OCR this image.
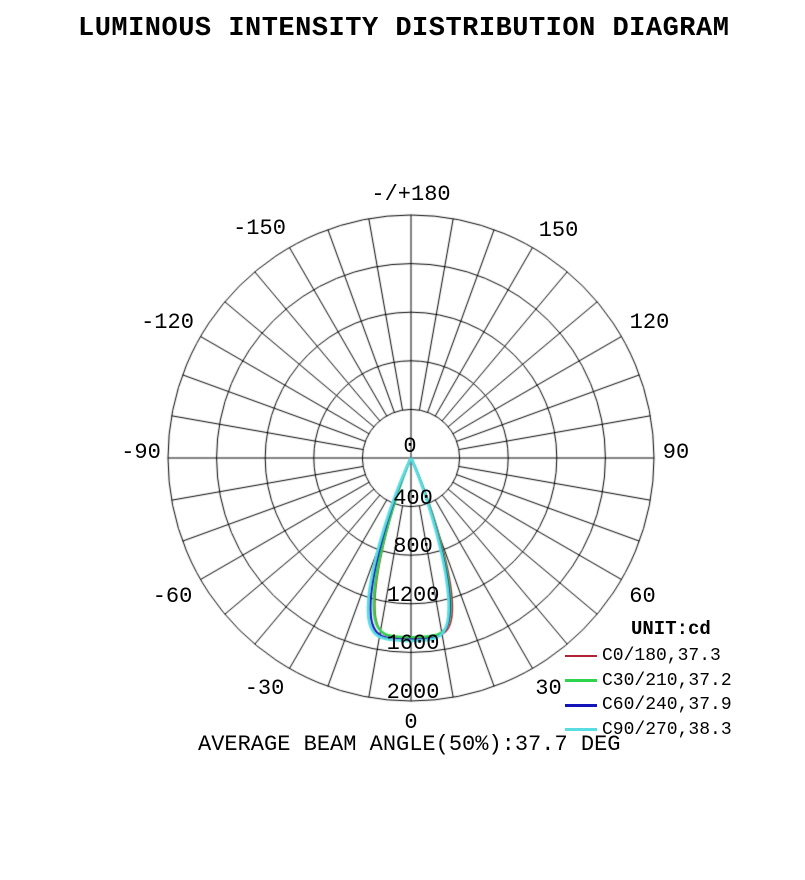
-/+180
150
120
90
60
30
0
-30
-60
-90
-120
-150
400
800
1200
1600
2000
0
UNIT:cd
C0/180,37.3
C30/210,37.2
C60/240,37.9
C90/270,38.3
AVERAGE BEAM ANGLE(50%):37.7 DEG
